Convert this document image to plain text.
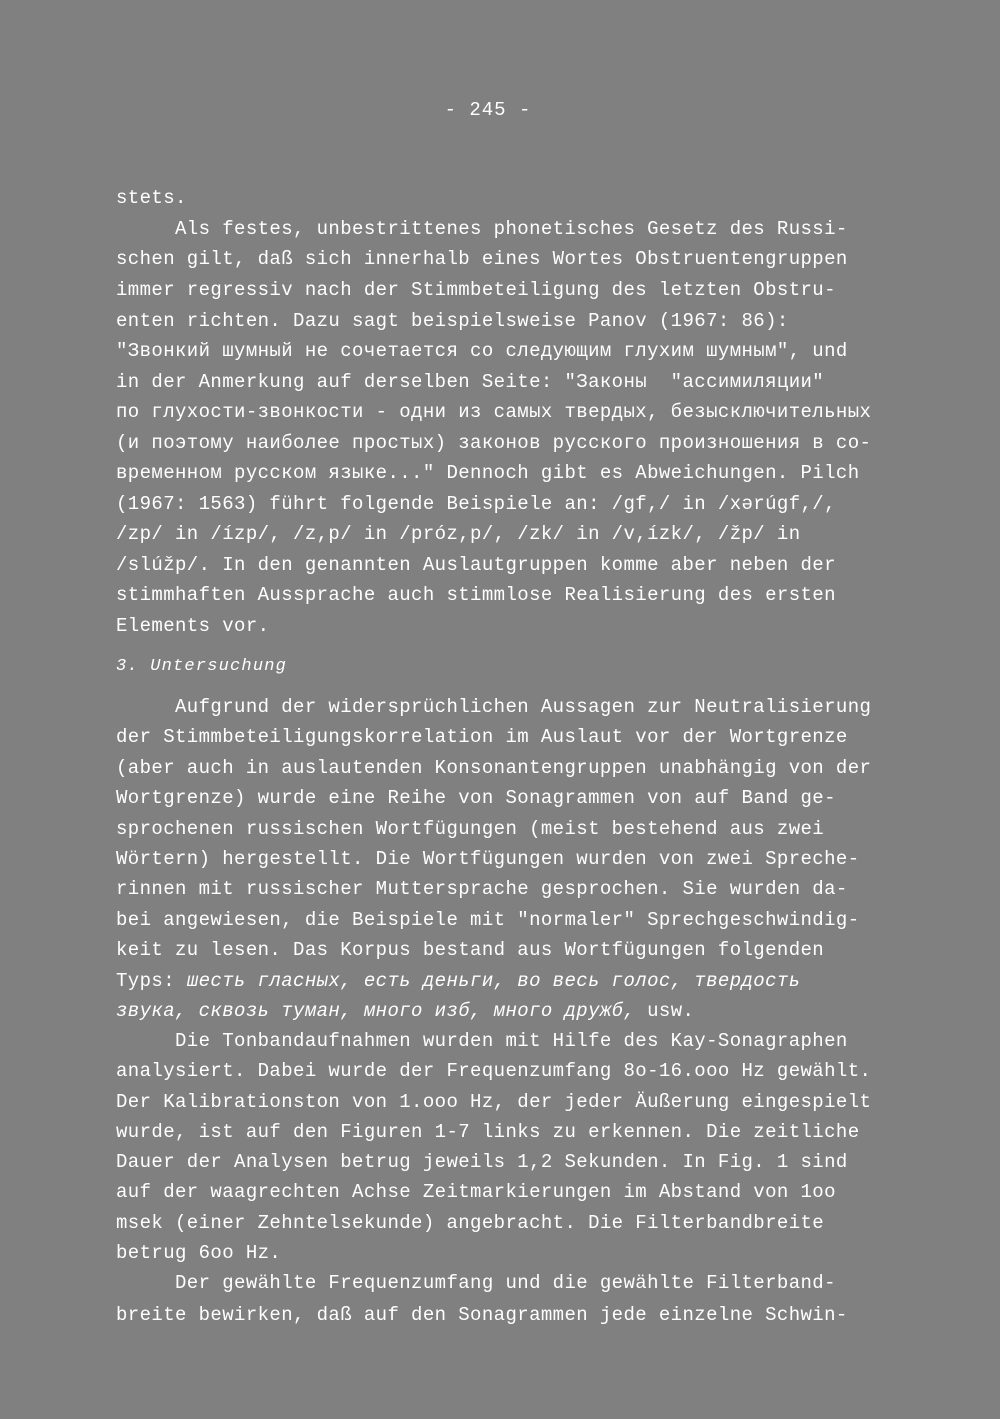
- 245 -
stets.
Als festes, unbestrittenes phonetisches Gesetz des Russi-
schen gilt, daß sich innerhalb eines Wortes Obstruentengruppen
immer regressiv nach der Stimmbeteiligung des letzten Obstru-
enten richten. Dazu sagt beispielsweise Panov (1967: 86):
"Звонкий шумный не сочетается со следующим глухим шумным", und
in der Anmerkung auf derselben Seite: "Законы  "ассимиляции"
по глухости-звонкости - одни из самых твердых, безысключительных
(и поэтому наиболее простых) законов русского произношения в со-
временном русском языке..." Dennoch gibt es Abweichungen. Pilch
(1967: 1563) führt folgende Beispiele an: /gf,/ in /xərúgf,/,
/zp/ in /ízp/, /z,p/ in /próz,p/, /zk/ in /v,ízk/, /žp/ in
/slúžp/. In den genannten Auslautgruppen komme aber neben der
stimmhaften Aussprache auch stimmlose Realisierung des ersten
Elements vor.
3. Untersuchung
Aufgrund der widersprüchlichen Aussagen zur Neutralisierung
der Stimmbeteiligungskorrelation im Auslaut vor der Wortgrenze
(aber auch in auslautenden Konsonantengruppen unabhängig von der
Wortgrenze) wurde eine Reihe von Sonagrammen von auf Band ge-
sprochenen russischen Wortfügungen (meist bestehend aus zwei
Wörtern) hergestellt. Die Wortfügungen wurden von zwei Spreche-
rinnen mit russischer Muttersprache gesprochen. Sie wurden da-
bei angewiesen, die Beispiele mit "normaler" Sprechgeschwindig-
keit zu lesen. Das Korpus bestand aus Wortfügungen folgenden
Typs: шесть гласных, есть деньги, во весь голос, твердость
звука, сквозь туман, много изб, много дружб, usw.
Die Tonbandaufnahmen wurden mit Hilfe des Kay-Sonagraphen
analysiert. Dabei wurde der Frequenzumfang 8o-16.ooo Hz gewählt.
Der Kalibrationston von 1.ooo Hz, der jeder Äußerung eingespielt
wurde, ist auf den Figuren 1-7 links zu erkennen. Die zeitliche
Dauer der Analysen betrug jeweils 1,2 Sekunden. In Fig. 1 sind
auf der waagrechten Achse Zeitmarkierungen im Abstand von 1oo
msek (einer Zehntelsekunde) angebracht. Die Filterbandbreite
betrug 6oo Hz.
Der gewählte Frequenzumfang und die gewählte Filterband-
breite bewirken, daß auf den Sonagrammen jede einzelne Schwin-
